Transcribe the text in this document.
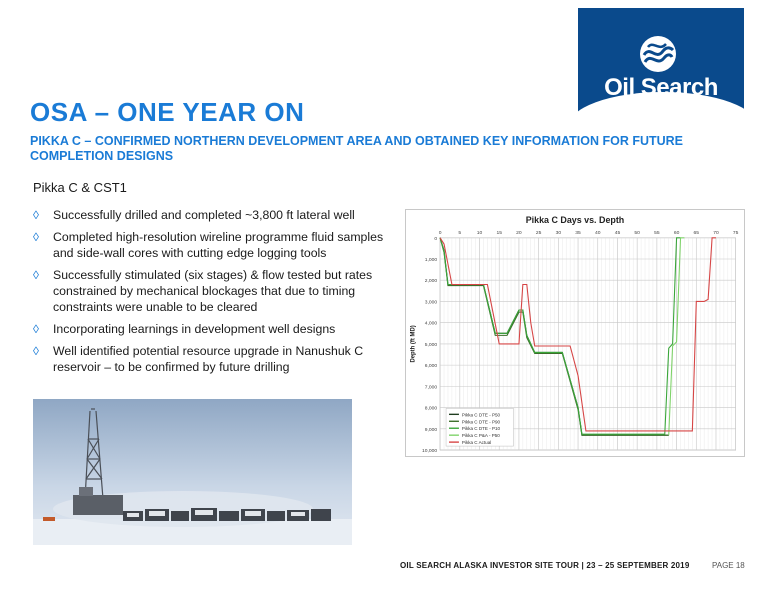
Oil Search
OSA – ONE YEAR ON
PIKKA C – CONFIRMED NORTHERN DEVELOPMENT AREA AND OBTAINED KEY INFORMATION FOR FUTURE COMPLETION DESIGNS
Pikka C & CST1
◊ Successfully drilled and completed ~3,800 ft lateral well
◊ Completed high-resolution wireline programme fluid samples and side-wall cores with cutting edge logging tools
◊ Successfully stimulated (six stages) & flow tested but rates constrained by mechanical blockages that due to timing constraints were unable to be cleared
◊ Incorporating learnings in development well designs
◊ Well identified potential resource upgrade in Nanushuk C reservoir – to be confirmed by future drilling
Pikka C Days vs. Depth
Depth (ft MD)
0	5	10	15	20	25	30	35	40	45	50	55	60	65	70	75
0
1,000
2,000
3,000
4,000
5,000
6,000
7,000
8,000
9,000
10,000
Pikka C DTE - P50
Pikka C DTE - P90
Pikka C DTE - P10
Pikka C P&A - P50
Pikka C Actual
OIL SEARCH ALASKA INVESTOR SITE TOUR | 23 – 25 SEPTEMBER 2019	PAGE 18
